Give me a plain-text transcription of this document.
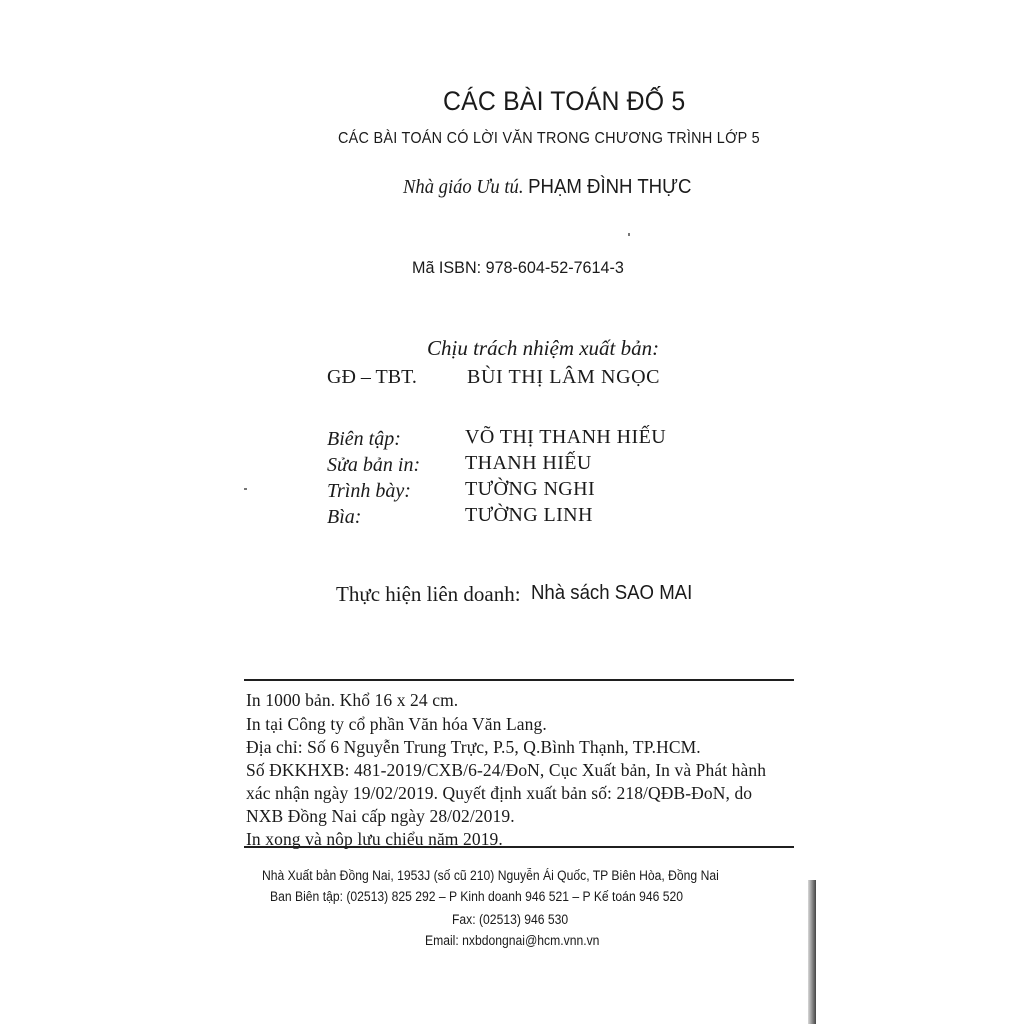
CÁC BÀI TOÁN ĐỐ 5
CÁC BÀI TOÁN CÓ LỜI VĂN TRONG CHƯƠNG TRÌNH LỚP 5
Nhà giáo Ưu tú. PHẠM ĐÌNH THỰC
Mã ISBN: 978-604-52-7614-3
Chịu trách nhiệm xuất bản:
GĐ – TBT.	BÙI THỊ LÂM NGỌC
Biên tập:	VÕ THỊ THANH HIẾU
Sửa bản in: THANH HIẾU
Trình bày:	TƯỜNG NGHI
Bìa:	TƯỜNG LINH
Thực hiện liên doanh: Nhà sách SAO MAI
In 1000 bản. Khổ 16 x 24 cm.
In tại Công ty cổ phần Văn hóa Văn Lang.
Địa chỉ: Số 6 Nguyễn Trung Trực, P.5, Q.Bình Thạnh, TP.HCM.
Số ĐKKHXB: 481-2019/CXB/6-24/ĐoN, Cục Xuất bản, In và Phát hành
xác nhận ngày 19/02/2019. Quyết định xuất bản số: 218/QĐB-ĐoN, do
NXB Đồng Nai cấp ngày 28/02/2019.
In xong và nộp lưu chiểu năm 2019.
Nhà Xuất bản Đồng Nai, 1953J (số cũ 210) Nguyễn Ái Quốc, TP Biên Hòa, Đồng Nai
Ban Biên tập: (02513) 825 292 – P Kinh doanh 946 521 – P Kế toán 946 520
Fax: (02513) 946 530
Email: nxbdongnai@hcm.vnn.vn
